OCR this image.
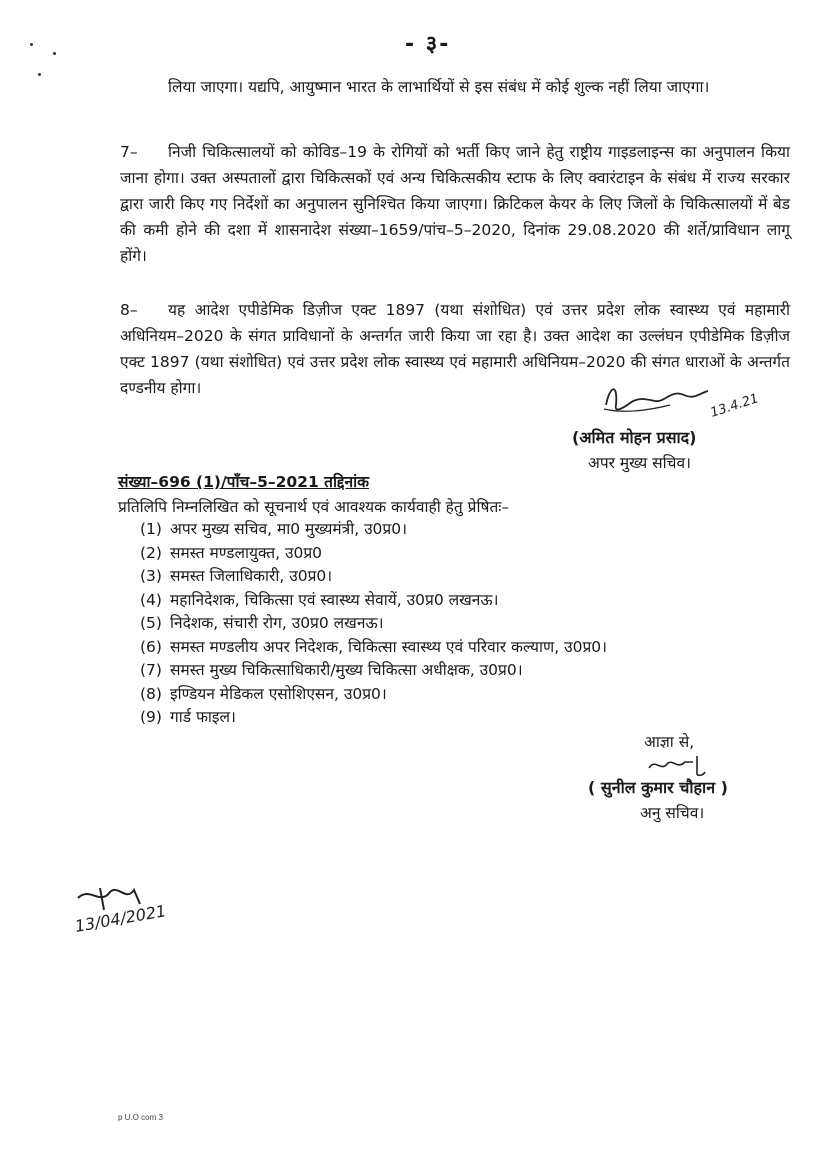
- ३-
लिया जाएगा। यद्यपि, आयुष्मान भारत के लाभार्थियों से इस संबंध में कोई शुल्क नहीं लिया जाएगा।
7– निजी चिकित्सालयों को कोविड–19 के रोगियों को भर्ती किए जाने हेतु राष्ट्रीय गाइडलाइन्स का अनुपालन किया जाना होगा। उक्त अस्पतालों द्वारा चिकित्सकों एवं अन्य चिकित्सकीय स्टाफ के लिए क्वारंटाइन के संबंध में राज्य सरकार द्वारा जारी किए गए निर्देशों का अनुपालन सुनिश्चित किया जाएगा। क्रिटिकल केयर के लिए जिलों के चिकित्सालयों में बेड की कमी होने की दशा में शासनादेश संख्या–1659/पांच–5–2020, दिनांक 29.08.2020 की शर्ते/प्राविधान लागू होंगे।
8– यह आदेश एपीडेमिक डिज़ीज एक्ट 1897 (यथा संशोधित) एवं उत्तर प्रदेश लोक स्वास्थ्य एवं महामारी अधिनियम–2020 के संगत प्राविधानों के अन्तर्गत जारी किया जा रहा है। उक्त आदेश का उल्लंघन एपीडेमिक डिज़ीज एक्ट 1897 (यथा संशोधित) एवं उत्तर प्रदेश लोक स्वास्थ्य एवं महामारी अधिनियम–2020 की संगत धाराओं के अन्तर्गत दण्डनीय होगा।
13.4.21
(अमित मोहन प्रसाद)
अपर मुख्य सचिव।
संख्या–696 (1)/पाँच–5–2021 तद्दिनांक
प्रतिलिपि निम्नलिखित को सूचनार्थ एवं आवश्यक कार्यवाही हेतु प्रेषितः–
(1) अपर मुख्य सचिव, मा0 मुख्यमंत्री, उ0प्र0।
(2) समस्त मण्डलायुक्त, उ0प्र0
(3) समस्त जिलाधिकारी, उ0प्र0।
(4) महानिदेशक, चिकित्सा एवं स्वास्थ्य सेवायें, उ0प्र0 लखनऊ।
(5) निदेशक, संचारी रोग, उ0प्र0 लखनऊ।
(6) समस्त मण्डलीय अपर निदेशक, चिकित्सा स्वास्थ्य एवं परिवार कल्याण, उ0प्र0।
(7) समस्त मुख्य चिकित्साधिकारी/मुख्य चिकित्सा अधीक्षक, उ0प्र0।
(8) इण्डियन मेडिकल एसोशिएसन, उ0प्र0।
(9) गार्ड फाइल।
आज्ञा से,
( सुनील कुमार चौहान )
अनु सचिव।
13/04/2021
p U.O com 3
